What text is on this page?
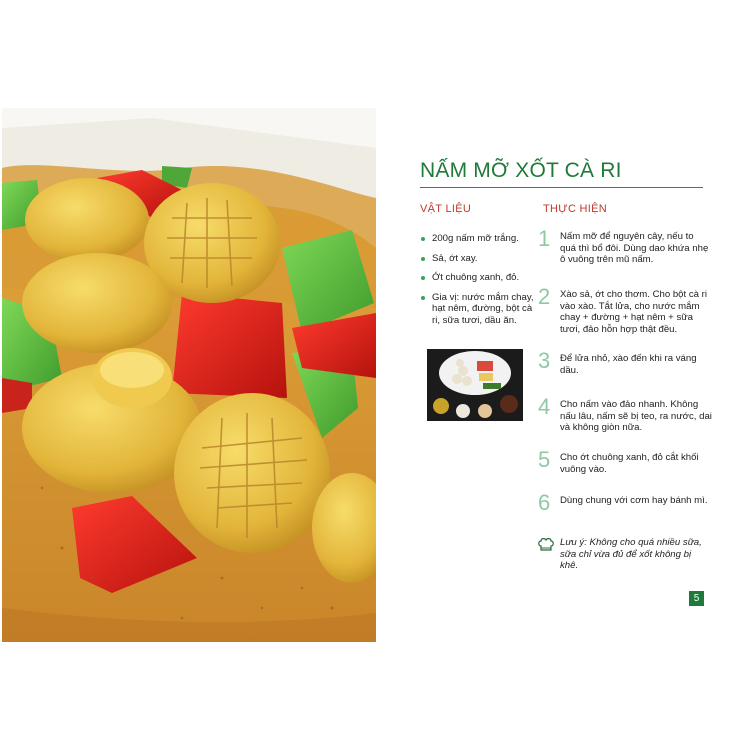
NẤM MỠ XỐT CÀ RI
VẬT LIỆU	THỰC HIỆN
200g nấm mỡ trắng.
Sả, ớt xay.
Ớt chuông xanh, đỏ.
Gia vị: nước mắm chay, hạt nêm, đường, bột cà ri, sữa tươi, dầu ăn.
1 Nấm mỡ để nguyên cây, nếu to quá thì bổ đôi. Dùng dao khứa nhẹ ô vuông trên mũ nấm.
2 Xào sả, ớt cho thơm. Cho bột cà ri vào xào. Tắt lửa, cho nước mắm chay + đường + hạt nêm + sữa tươi, đảo hỗn hợp thật đều.
3 Để lửa nhỏ, xào đến khi ra váng dầu.
4 Cho nấm vào đảo nhanh. Không nấu lâu, nấm sẽ bị teo, ra nước, dai và không giòn nữa.
5 Cho ớt chuông xanh, đỏ cắt khối vuông vào.
6 Dùng chung với cơm hay bánh mì.
Lưu ý: Không cho quá nhiều sữa, sữa chỉ vừa đủ để xốt không bị khê.
5
